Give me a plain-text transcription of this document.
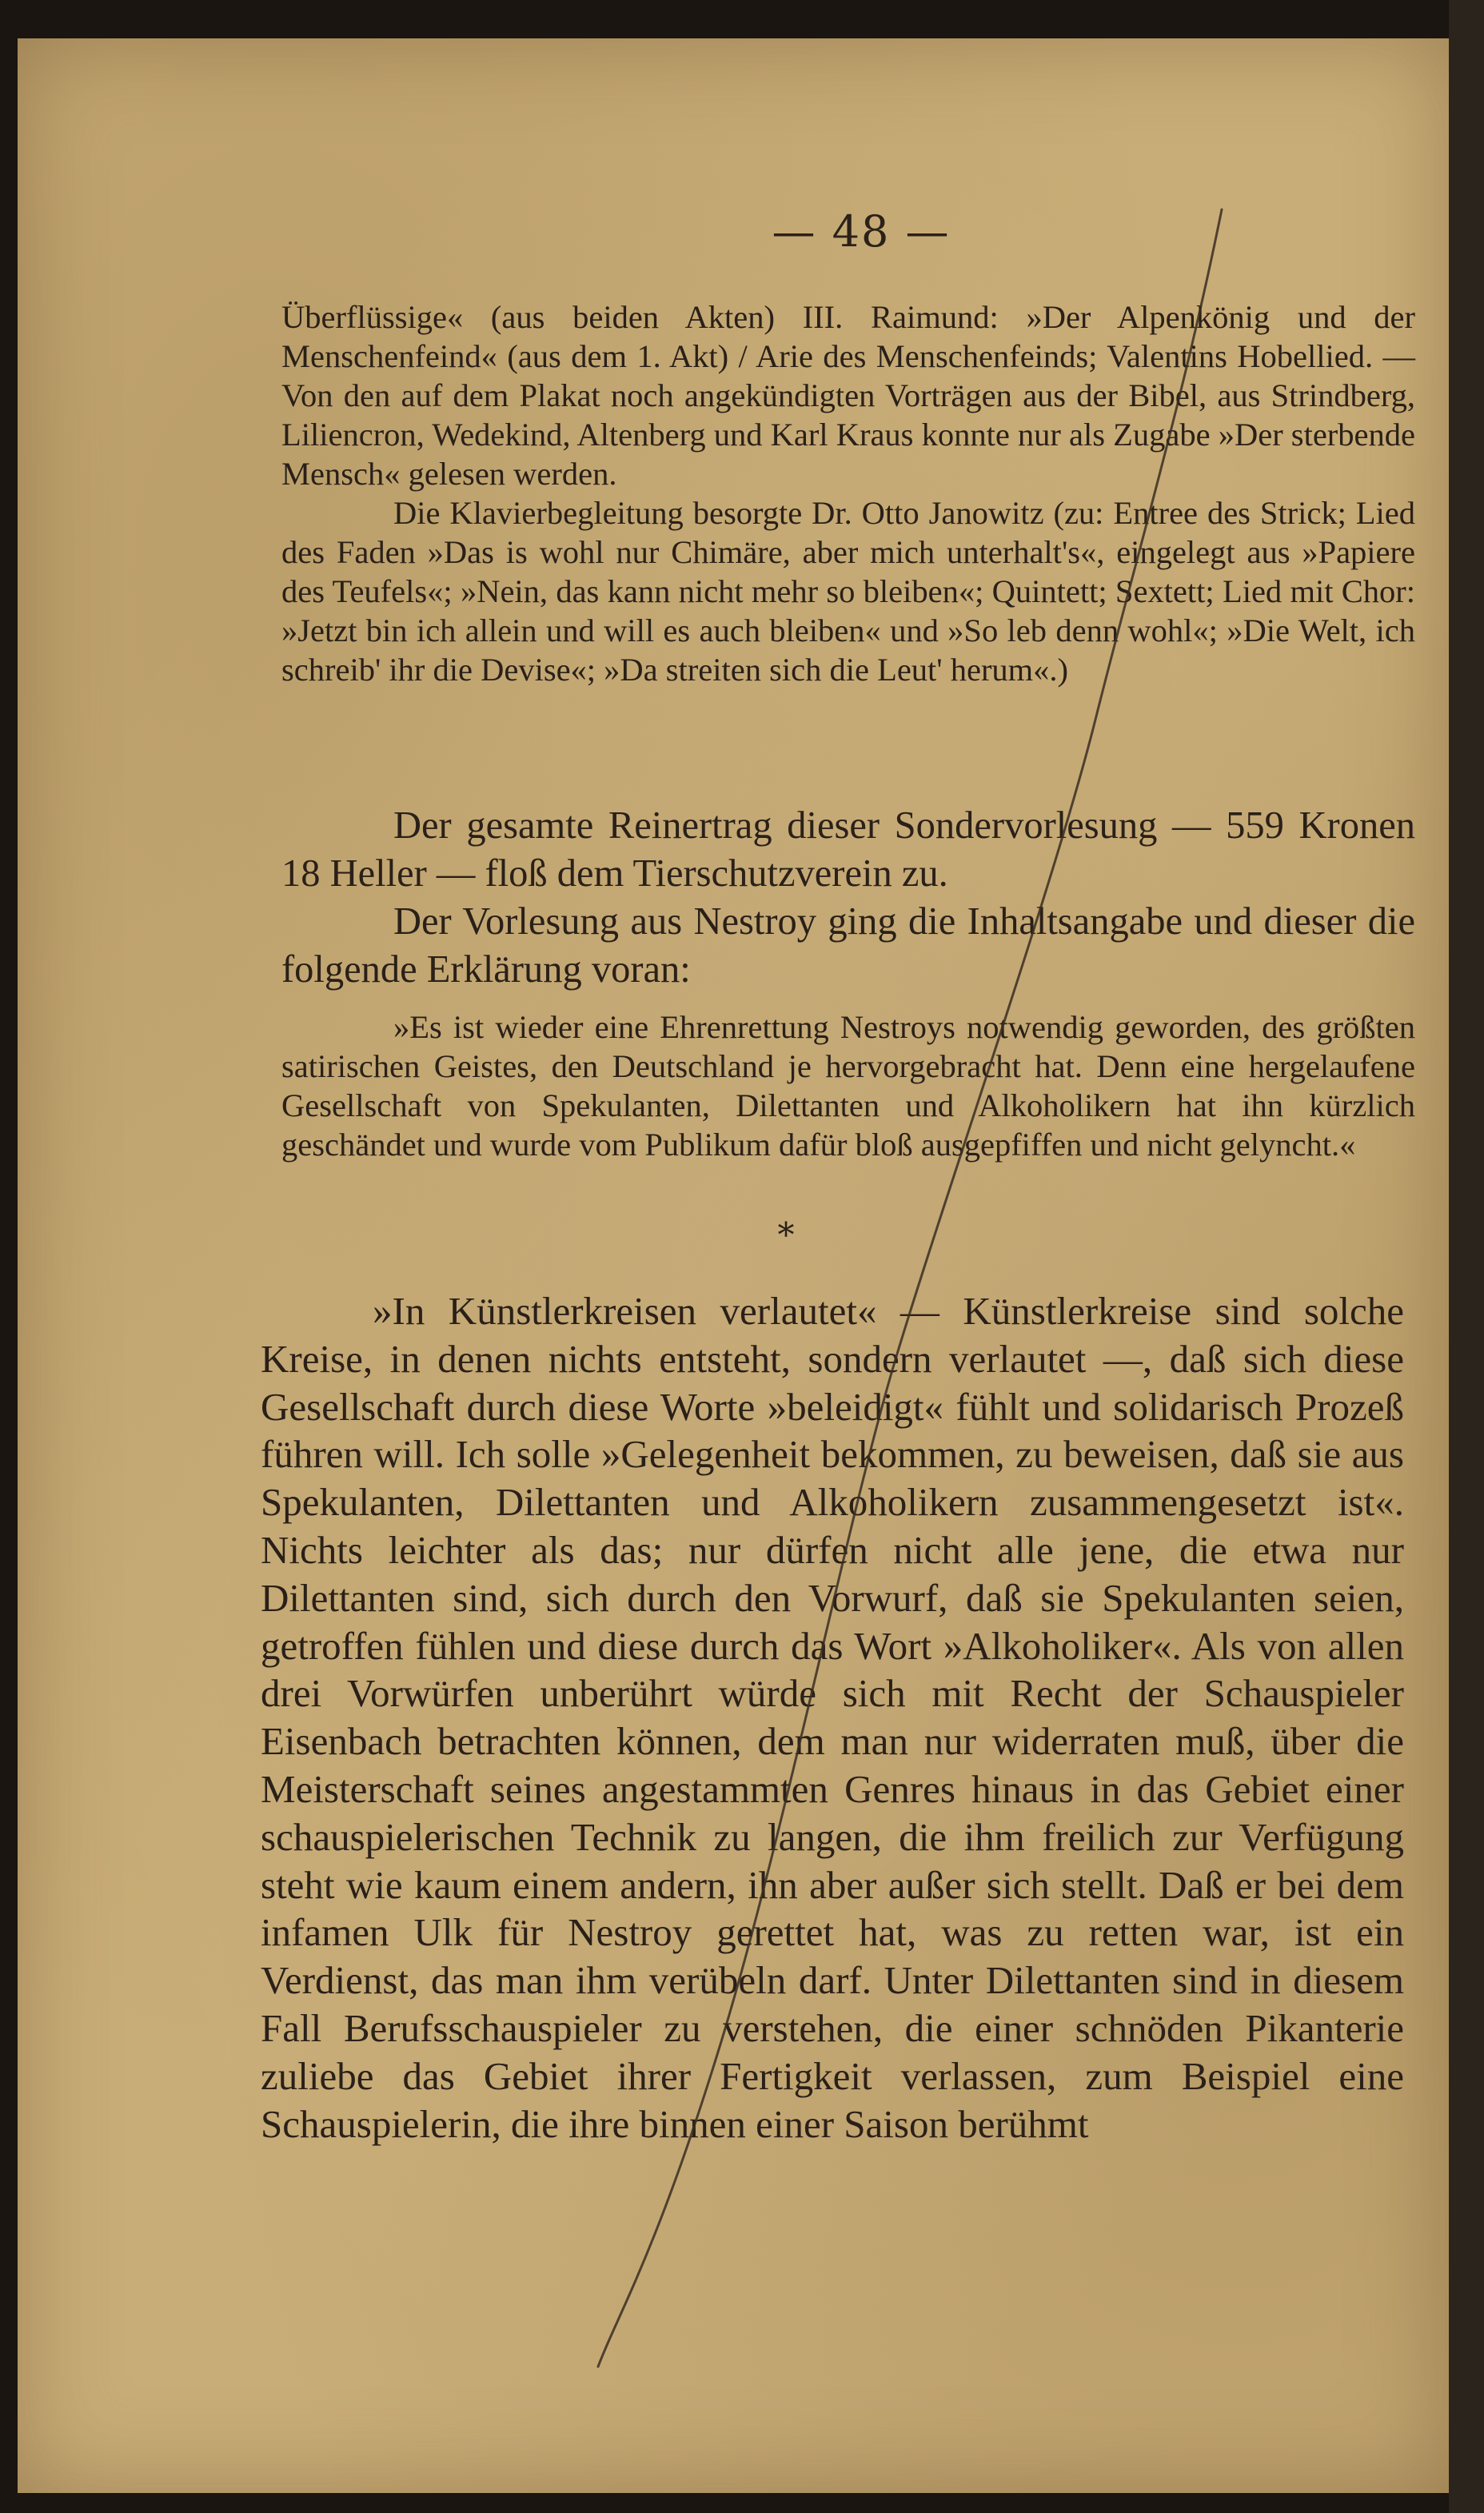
— 48 —

Überflüssige« (aus beiden Akten) III. Raimund: »Der Alpenkönig und der Menschenfeind« (aus dem 1. Akt) / Arie des Menschenfeinds; Valentins Hobellied. — Von den auf dem Plakat noch angekündigten Vorträgen aus der Bibel, aus Strindberg, Liliencron, Wedekind, Altenberg und Karl Kraus konnte nur als Zugabe »Der sterbende Mensch« gelesen werden.

Die Klavierbegleitung besorgte Dr. Otto Janowitz (zu: Entree des Strick; Lied des Faden »Das is wohl nur Chimäre, aber mich unterhalt's«, eingelegt aus »Papiere des Teufels«; »Nein, das kann nicht mehr so bleiben«; Quintett; Sextett; Lied mit Chor: »Jetzt bin ich allein und will es auch bleiben« und »So leb denn wohl«; »Die Welt, ich schreib' ihr die Devise«; »Da streiten sich die Leut' herum«.)

Der gesamte Reinertrag dieser Sondervorlesung — 559 Kronen 18 Heller — floß dem Tierschutzverein zu.

Der Vorlesung aus Nestroy ging die Inhaltsangabe und dieser die folgende Erklärung voran:

»Es ist wieder eine Ehrenrettung Nestroys notwendig geworden, des größten satirischen Geistes, den Deutschland je hervorgebracht hat. Denn eine hergelaufene Gesellschaft von Spekulanten, Dilettanten und Alkoholikern hat ihn kürzlich geschändet und wurde vom Publikum dafür bloß ausgepfiffen und nicht gelyncht.«

*

»In Künstlerkreisen verlautet« — Künstlerkreise sind solche Kreise, in denen nichts entsteht, sondern verlautet —, daß sich diese Gesellschaft durch diese Worte »beleidigt« fühlt und solidarisch Prozeß führen will. Ich solle »Gelegenheit bekommen, zu beweisen, daß sie aus Spekulanten, Dilettanten und Alkoholikern zusammengesetzt ist«. Nichts leichter als das; nur dürfen nicht alle jene, die etwa nur Dilettanten sind, sich durch den Vorwurf, daß sie Spekulanten seien, getroffen fühlen und diese durch das Wort »Alkoholiker«. Als von allen drei Vorwürfen unberührt würde sich mit Recht der Schauspieler Eisenbach betrachten können, dem man nur widerraten muß, über die Meisterschaft seines angestammten Genres hinaus in das Gebiet einer schauspielerischen Technik zu langen, die ihm freilich zur Verfügung steht wie kaum einem andern, ihn aber außer sich stellt. Daß er bei dem infamen Ulk für Nestroy gerettet hat, was zu retten war, ist ein Verdienst, das man ihm verübeln darf. Unter Dilettanten sind in diesem Fall Berufsschauspieler zu verstehen, die einer schnöden Pikanterie zuliebe das Gebiet ihrer Fertigkeit verlassen, zum Beispiel eine Schauspielerin, die ihre binnen einer Saison berühmt
